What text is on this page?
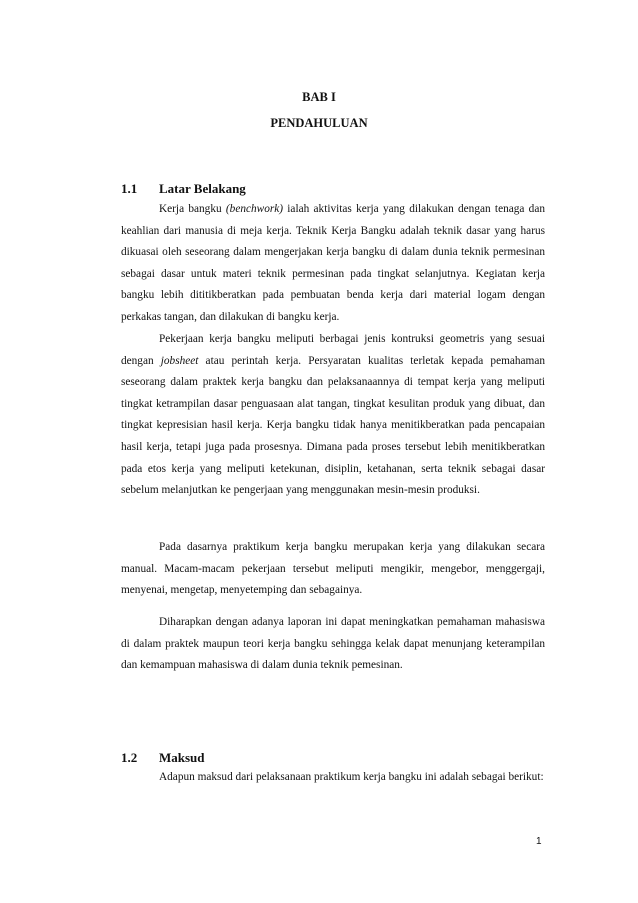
BAB I
PENDAHULUAN
1.1 Latar Belakang

Kerja bangku (benchwork) ialah aktivitas kerja yang dilakukan dengan tenaga dan keahlian dari manusia di meja kerja. Teknik Kerja Bangku adalah teknik dasar yang harus dikuasai oleh seseorang dalam mengerjakan kerja bangku di dalam dunia teknik permesinan sebagai dasar untuk materi teknik permesinan pada tingkat selanjutnya. Kegiatan kerja bangku lebih dititikberatkan pada pembuatan benda kerja dari material logam dengan perkakas tangan, dan dilakukan di bangku kerja.

Pekerjaan kerja bangku meliputi berbagai jenis kontruksi geometris yang sesuai dengan jobsheet atau perintah kerja. Persyaratan kualitas terletak kepada pemahaman seseorang dalam praktek kerja bangku dan pelaksanaannya di tempat kerja yang meliputi tingkat ketrampilan dasar penguasaan alat tangan, tingkat kesulitan produk yang dibuat, dan tingkat kepresisian hasil kerja. Kerja bangku tidak hanya menitikberatkan pada pencapaian hasil kerja, tetapi juga pada prosesnya. Dimana pada proses tersebut lebih menitikberatkan pada etos kerja yang meliputi ketekunan, disiplin, ketahanan, serta teknik sebagai dasar sebelum melanjutkan ke pengerjaan yang menggunakan mesin-mesin produksi.

Pada dasarnya praktikum kerja bangku merupakan kerja yang dilakukan secara manual. Macam-macam pekerjaan tersebut meliputi mengikir, mengebor, menggergaji, menyenai, mengetap, menyetemping dan sebagainya.

Diharapkan dengan adanya laporan ini dapat meningkatkan pemahaman mahasiswa di dalam praktek maupun teori kerja bangku sehingga kelak dapat menunjang keterampilan dan kemampuan mahasiswa di dalam dunia teknik pemesinan.

1.2 Maksud

Adapun maksud dari pelaksanaan praktikum kerja bangku ini adalah sebagai berikut:

1
